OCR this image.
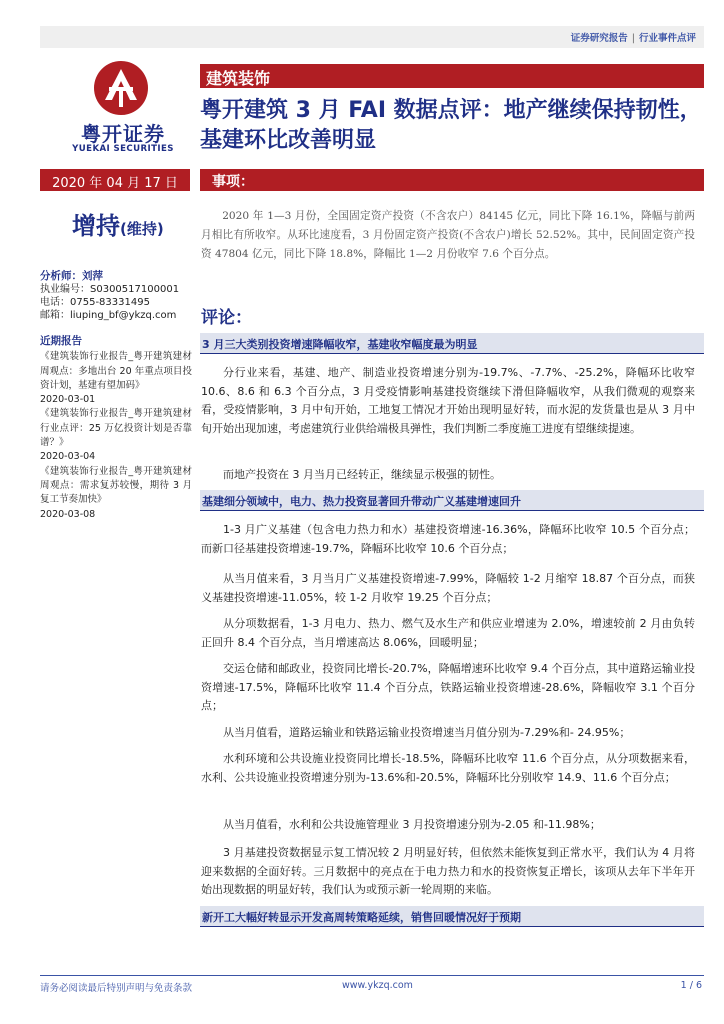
证券研究报告 | 行业事件点评
粤开证券
YUEKAI SECURITIES
建筑装饰
粤开建筑 3 月 FAI 数据点评：地产继续保持韧性，基建环比改善明显
2020 年 04 月 17 日	事项：
增持(维持)
分析师：刘萍
执业编号：S0300517100001
电话：0755-83331495
邮箱：liuping_bf@ykzq.com
近期报告
《建筑装饰行业报告_粤开建筑建材周观点：多地出台 20 年重点项目投资计划，基建有望加码》
2020-03-01
《建筑装饰行业报告_粤开建筑建材行业点评：25 万亿投资计划是否靠谱？》
2020-03-04
《建筑装饰行业报告_粤开建筑建材周观点：需求复苏较慢，期待 3 月复工节奏加快》
2020-03-08
2020 年 1—3 月份，全国固定资产投资（不含农户）84145 亿元，同比下降 16.1%，降幅与前两月相比有所收窄。从环比速度看，3 月份固定资产投资(不含农户)增长 52.52%。其中，民间固定资产投资 47804 亿元，同比下降 18.8%，降幅比 1—2 月份收窄 7.6 个百分点。
评论：
3 月三大类别投资增速降幅收窄，基建收窄幅度最为明显
分行业来看，基建、地产、制造业投资增速分别为-19.7%、-7.7%、-25.2%，降幅环比收窄 10.6、8.6 和 6.3 个百分点，3 月受疫情影响基建投资继续下滑但降幅收窄，从我们微观的观察来看，受疫情影响，3 月中旬开始，工地复工情况才开始出现明显好转，而水泥的发货量也是从 3 月中旬开始出现加速，考虑建筑行业供给端极具弹性，我们判断二季度施工进度有望继续提速。
而地产投资在 3 月当月已经转正，继续显示极强的韧性。
基建细分领域中，电力、热力投资显著回升带动广义基建增速回升
1-3 月广义基建（包含电力热力和水）基建投资增速-16.36%，降幅环比收窄 10.5 个百分点；而新口径基建投资增速-19.7%，降幅环比收窄 10.6 个百分点；
从当月值来看，3 月当月广义基建投资增速-7.99%，降幅较 1-2 月缩窄 18.87 个百分点，而狭义基建投资增速-11.05%，较 1-2 月收窄 19.25 个百分点；
从分项数据看，1-3 月电力、热力、燃气及水生产和供应业增速为 2.0%，增速较前 2 月由负转正回升 8.4 个百分点，当月增速高达 8.06%，回暖明显；
交运仓储和邮政业，投资同比增长-20.7%，降幅增速环比收窄 9.4 个百分点，其中道路运输业投资增速-17.5%，降幅环比收窄 11.4 个百分点，铁路运输业投资增速-28.6%，降幅收窄 3.1 个百分点；
从当月值看，道路运输业和铁路运输业投资增速当月值分别为-7.29%和- 24.95%；
水利环境和公共设施业投资同比增长-18.5%，降幅环比收窄 11.6 个百分点，从分项数据来看，水利、公共设施业投资增速分别为-13.6%和-20.5%，降幅环比分别收窄 14.9、11.6 个百分点；
从当月值看，水利和公共设施管理业 3 月投资增速分别为-2.05 和-11.98%；
3 月基建投资数据显示复工情况较 2 月明显好转，但依然未能恢复到正常水平，我们认为 4 月将迎来数据的全面好转。三月数据中的亮点在于电力热力和水的投资恢复正增长，该项从去年下半年开始出现数据的明显好转，我们认为或预示新一轮周期的来临。
新开工大幅好转显示开发高周转策略延续，销售回暖情况好于预期
请务必阅读最后特别声明与免责条款	www.ykzq.com	1 / 6
